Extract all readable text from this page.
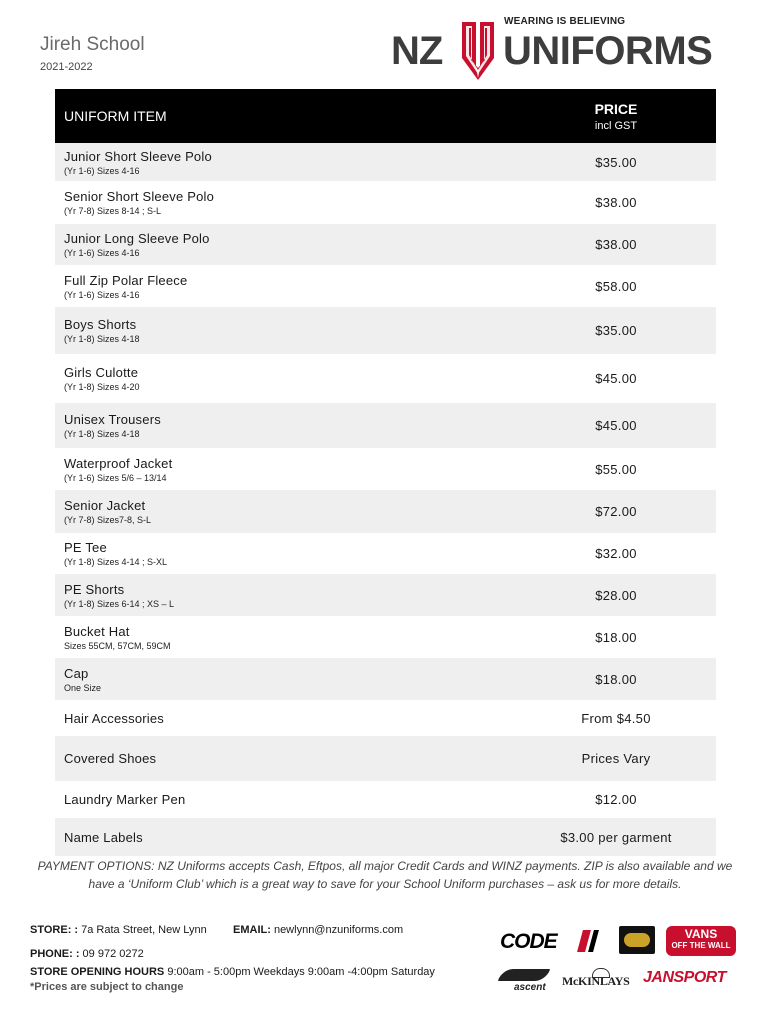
Jireh School
2021-2022
WEARING IS BELIEVING
NZ UNIFORMS
UNIFORM ITEM	PRICE
incl GST

Junior Short Sleeve Polo
(Yr 1-6) Sizes 4-16	$35.00

Senior Short Sleeve Polo
(Yr 7-8) Sizes 8-14 ; S-L	$38.00

Junior Long Sleeve Polo
(Yr 1-6) Sizes 4-16	$38.00

Full Zip Polar Fleece
(Yr 1-6) Sizes 4-16	$58.00

Boys Shorts
(Yr 1-8) Sizes 4-18	$35.00

Girls Culotte
(Yr 1-8) Sizes 4-20	$45.00

Unisex Trousers
(Yr 1-8) Sizes 4-18	$45.00

Waterproof Jacket
(Yr 1-6) Sizes 5/6 – 13/14	$55.00

Senior Jacket
(Yr 7-8) Sizes7-8, S-L	$72.00

PE Tee
(Yr 1-8) Sizes 4-14 ; S-XL	$32.00

PE Shorts
(Yr 1-8) Sizes 6-14 ; XS – L	$28.00

Bucket Hat
Sizes 55CM, 57CM, 59CM	$18.00

Cap
One Size	$18.00

Hair Accessories	From $4.50

Covered Shoes	Prices Vary

Laundry Marker Pen	$12.00

Name Labels	$3.00 per garment
PAYMENT OPTIONS: NZ Uniforms accepts Cash, Eftpos, all major Credit Cards and WINZ payments. ZIP is also available and we have a ‘Uniform Club’ which is a great way to save for your School Uniform purchases – ask us for more details.
STORE: : 7a Rata Street, New Lynn EMAIL: newlynn@nzuniforms.com
PHONE: : 09 972 0272
STORE OPENING HOURS 9:00am - 5:00pm Weekdays 9:00am -4:00pm Saturday
*Prices are subject to change
CODE	VANS
OFF THE WALL
ascent McKINLAYS JANSPORT
